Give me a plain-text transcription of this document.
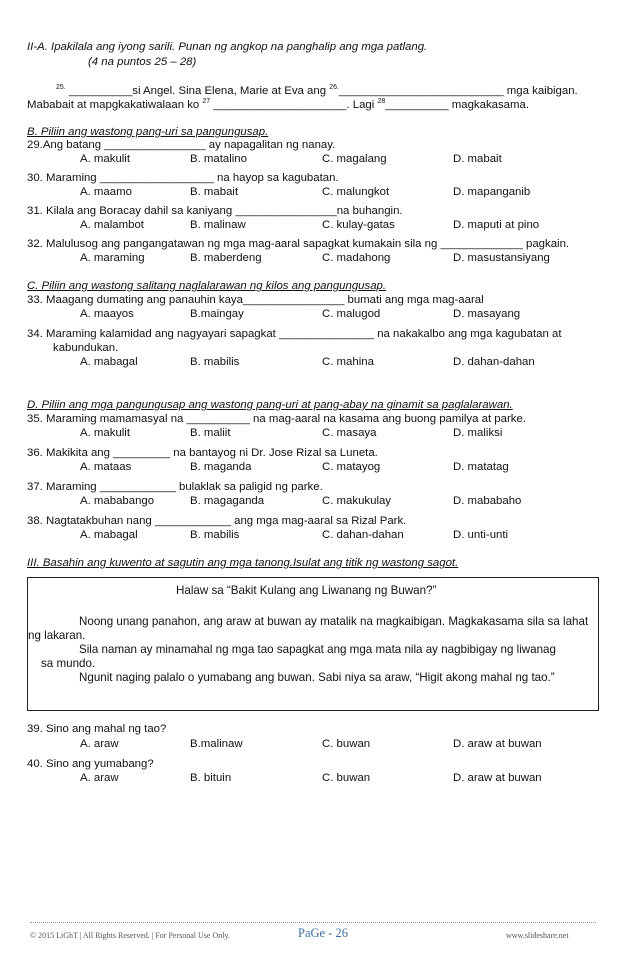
II-A. Ipakilala ang iyong sarili. Punan ng angkop na panghalip ang mga patlang.
(4 na puntos 25 – 28)
$^{25.}$ __________si Angel. Sina Elena, Marie at Eva ang $^{26.}$__________________________ mga kaibigan.
Mababait at mapgkakatiwalaan ko $^{27}$ _____________________. Lagi $^{28}$__________ magkakasama.
B. Piliin ang wastong pang-uri sa pangungusap.
29.Ang batang ________________ ay napagalitan ng nanay.
A. makulit	B. matalino	C. magalang	D. mabait
30. Maraming __________________ na hayop sa kagubatan.
A. maamo	B. mabait	C. malungkot	D. mapanganib
31. Kilala ang Boracay dahil sa kaniyang ________________na buhangin.
A. malambot	B. malinaw	C. kulay-gatas	D. maputi at pino
32. Malulusog ang pangangatawan ng mga mag-aaral sapagkat kumakain sila ng _____________ pagkain.
A. maraming	B. maberdeng	C. madahong	D. masustansiyang
C. Piliin ang wastong salitang naglalarawan ng kilos ang pangungusap.
33. Maagang dumating ang panauhin kaya________________ bumati ang mga mag-aaral
A. maayos	B.maingay	C. malugod	D. masayang
34. Maraming kalamidad ang nagyayari sapagkat _______________ na nakakalbo ang mga kagubatan at
kabundukan.
A. mabagal	B. mabilis	C. mahina	D. dahan-dahan
D. Piliin ang mga pangungusap ang wastong pang-uri at pang-abay na ginamit sa paglalarawan.
35. Maraming mamamasyal na __________ na mag-aaral na kasama ang buong pamilya at parke.
A. makulit	B. maliit	C. masaya	D. maliksi
36. Makikita ang _________ na bantayog ni Dr. Jose Rizal sa Luneta.
A. mataas	B. maganda	C. matayog	D. matatag
37. Maraming ____________ bulaklak sa paligid ng parke.
A. mababango	B. magaganda	C. makukulay	D. mababaho
38. Nagtatakbuhan nang ____________ ang mga mag-aaral sa Rizal Park.
A. mabagal	B. mabilis	C. dahan-dahan	D. unti-unti
III. Basahin ang kuwento at sagutin ang mga tanong.Isulat ang titik ng wastong sagot.
Halaw sa “Bakit Kulang ang Liwanang ng Buwan?”
Noong unang panahon, ang araw at buwan ay matalik na magkaibigan. Magkakasama sila sa lahat
ng lakaran.
Sila naman ay minamahal ng mga tao sapagkat ang mga mata nila ay nagbibigay ng liwanag
sa mundo.
Ngunit naging palalo o yumabang ang buwan. Sabi niya sa araw, “Higit akong mahal ng tao.”
39. Sino ang mahal ng tao?
A. araw	B.malinaw	C. buwan	D. araw at buwan
40. Sino ang yumabang?
A. araw	B. bituin	C. buwan	D. araw at buwan
© 2015 LiGhT | All Rights Reserved. | For Personal Use Only.	PaGe - 26	www.slideshare.net
